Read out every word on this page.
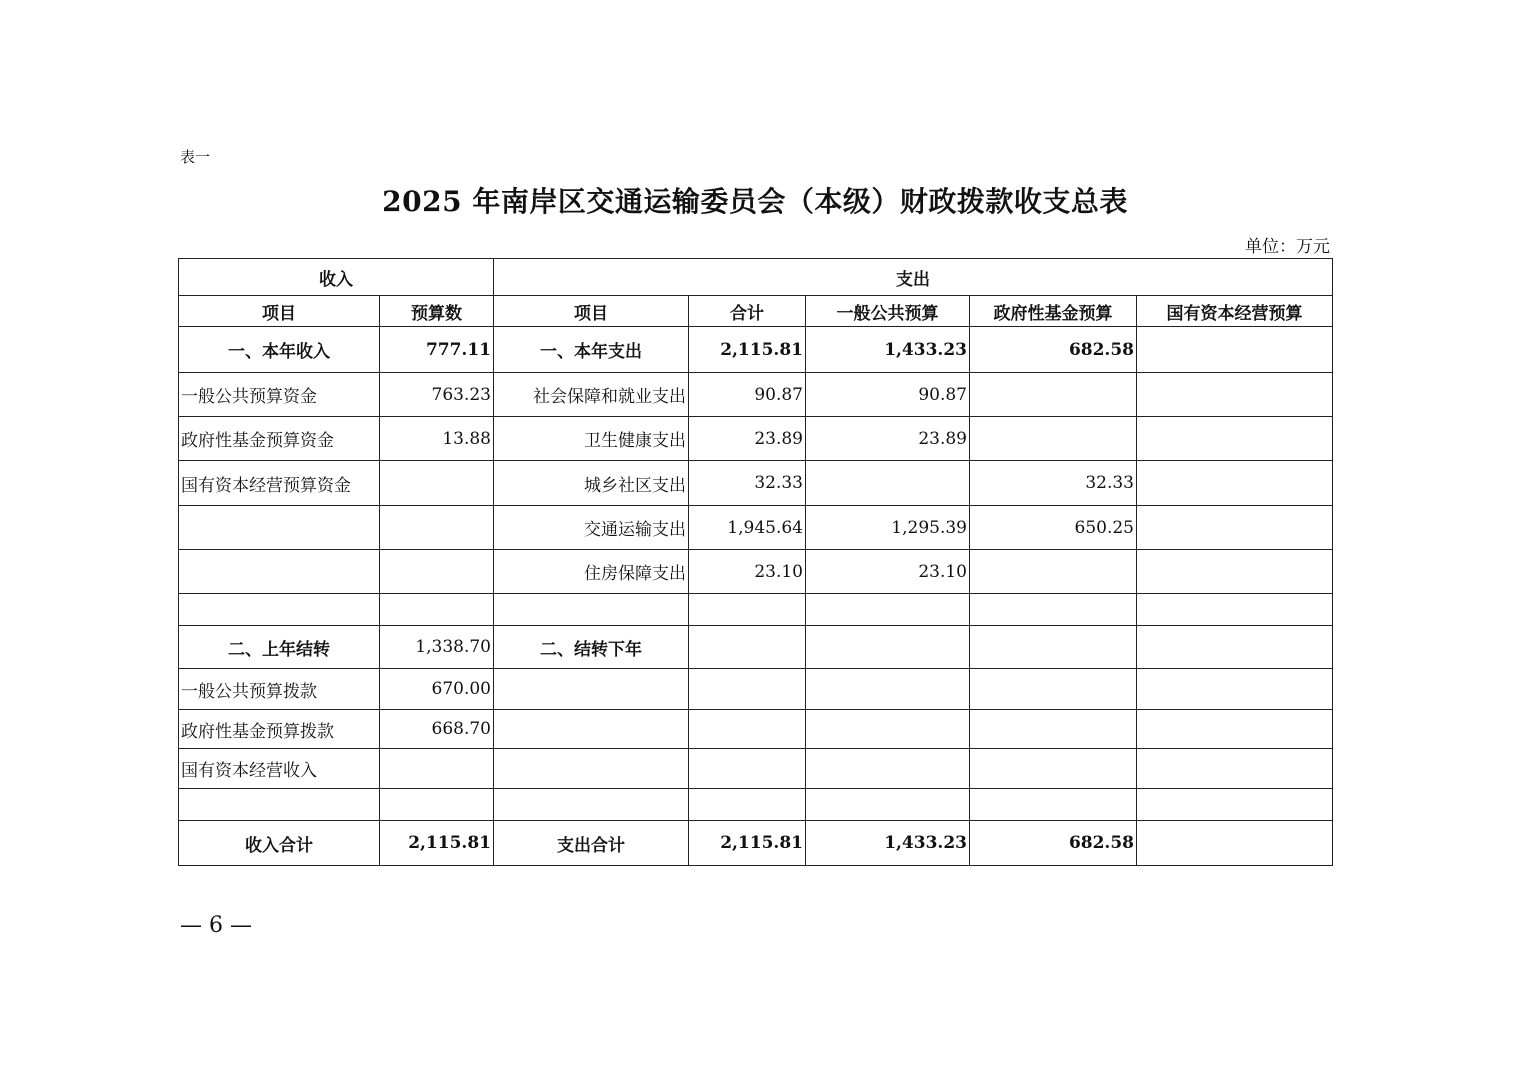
表一
2025 年南岸区交通运输委员会（本级）财政拨款收支总表
单位：万元
收入		支出				
项目	预算数	项目	合计	一般公共预算	政府性基金预算	国有资本经营预算
一、本年收入	777.11	一、本年支出	2,115.81	1,433.23	682.58	
一般公共预算资金	763.23	社会保障和就业支出	90.87	90.87		
政府性基金预算资金	13.88	卫生健康支出	23.89	23.89		
国有资本经营预算资金		城乡社区支出	32.33		32.33	
		交通运输支出	1,945.64	1,295.39	650.25	
		住房保障支出	23.10	23.10		

二、上年结转	1,338.70	二、结转下年				
一般公共预算拨款	670.00					
政府性基金预算拨款	668.70					
国有资本经营收入						

收入合计	2,115.81	支出合计	2,115.81	1,433.23	682.58	
— 6 —
